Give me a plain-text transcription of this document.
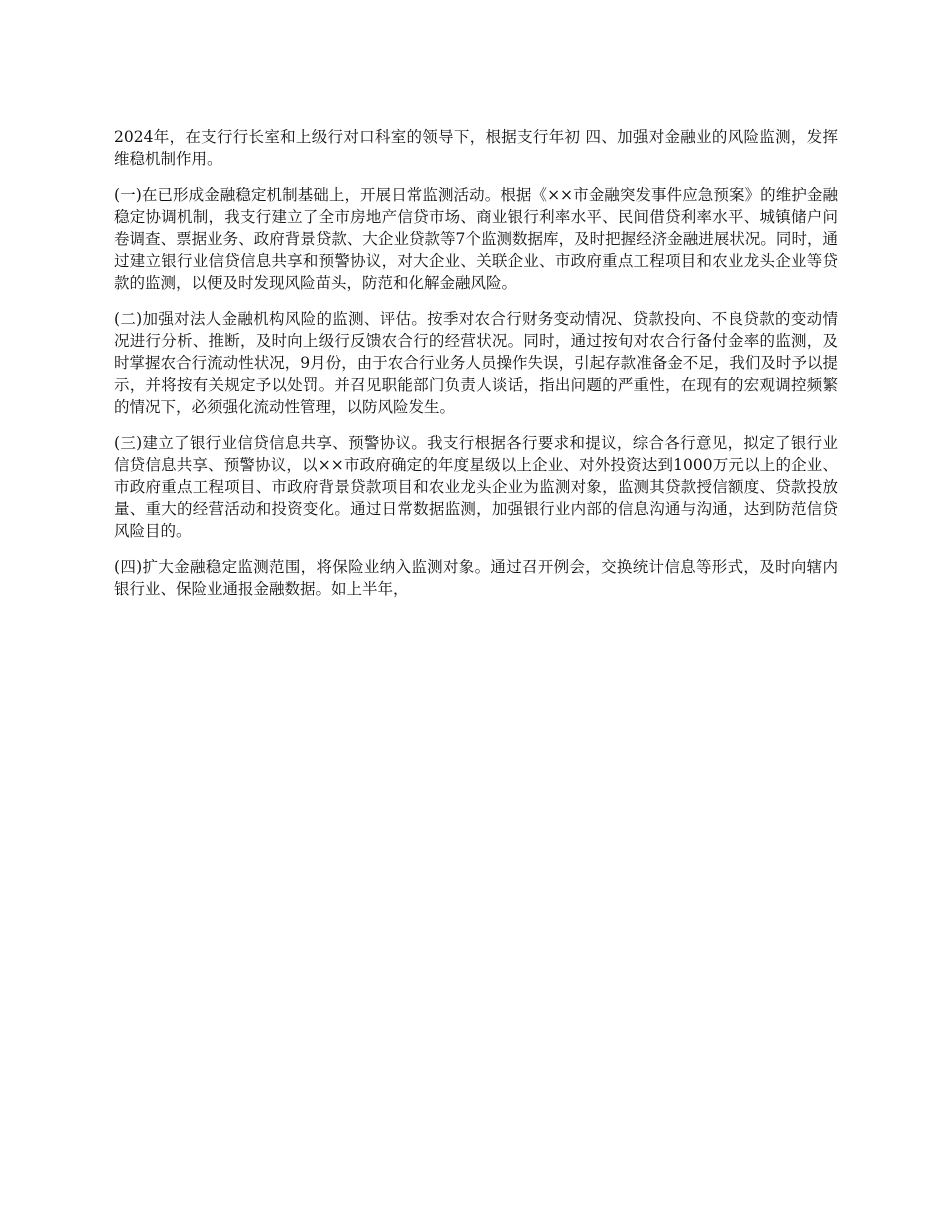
2024年，在支行行长室和上级行对口科室的领导下，根据支行年初 四、加强对金融业的风险监测，发挥维稳机制作用。

(一)在已形成金融稳定机制基础上，开展日常监测活动。根据《××市金融突发事件应急预案》的维护金融稳定协调机制，我支行建立了全市房地产信贷市场、商业银行利率水平、民间借贷利率水平、城镇储户问卷调查、票据业务、政府背景贷款、大企业贷款等7个监测数据库，及时把握经济金融进展状况。同时，通过建立银行业信贷信息共享和预警协议，对大企业、关联企业、市政府重点工程项目和农业龙头企业等贷款的监测，以便及时发现风险苗头，防范和化解金融风险。

(二)加强对法人金融机构风险的监测、评估。按季对农合行财务变动情况、贷款投向、不良贷款的变动情况进行分析、推断，及时向上级行反馈农合行的经营状况。同时，通过按旬对农合行备付金率的监测，及时掌握农合行流动性状况，9月份，由于农合行业务人员操作失误，引起存款准备金不足，我们及时予以提示，并将按有关规定予以处罚。并召见职能部门负责人谈话，指出问题的严重性，在现有的宏观调控频繁的情况下，必须强化流动性管理，以防风险发生。

(三)建立了银行业信贷信息共享、预警协议。我支行根据各行要求和提议，综合各行意见，拟定了银行业信贷信息共享、预警协议，以××市政府确定的年度星级以上企业、对外投资达到1000万元以上的企业、市政府重点工程项目、市政府背景贷款项目和农业龙头企业为监测对象，监测其贷款授信额度、贷款投放量、重大的经营活动和投资变化。通过日常数据监测，加强银行业内部的信息沟通与沟通，达到防范信贷风险目的。

(四)扩大金融稳定监测范围，将保险业纳入监测对象。通过召开例会，交换统计信息等形式，及时向辖内银行业、保险业通报金融数据。如上半年，
